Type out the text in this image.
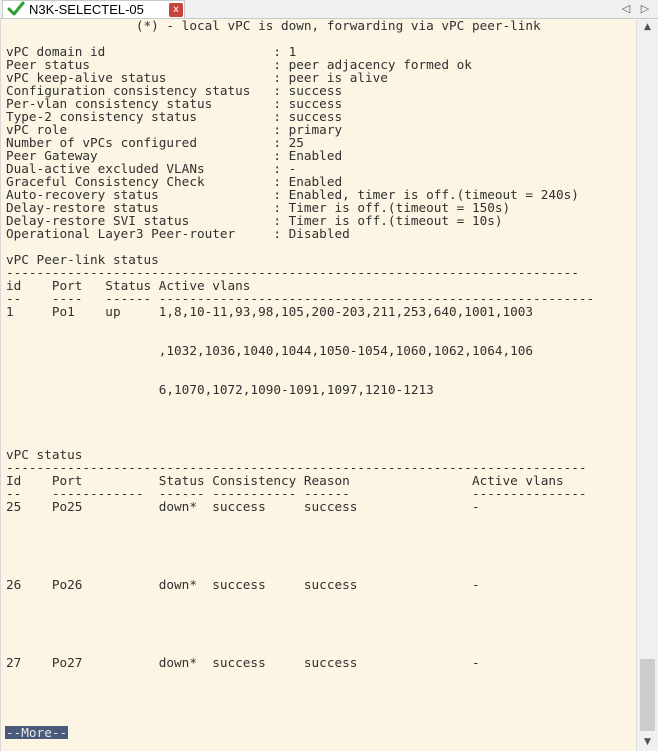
N3K-SELECTEL-05	x	◁ ▷
(*) - local vPC is down, forwarding via vPC peer-link
vPC domain id                      : 1
Peer status                        : peer adjacency formed ok
vPC keep-alive status              : peer is alive
Configuration consistency status   : success
Per-vlan consistency status        : success
Type-2 consistency status          : success
vPC role                           : primary
Number of vPCs configured          : 25
Peer Gateway                       : Enabled
Dual-active excluded VLANs         : -
Graceful Consistency Check         : Enabled
Auto-recovery status               : Enabled, timer is off.(timeout = 240s)
Delay-restore status               : Timer is off.(timeout = 150s)
Delay-restore SVI status           : Timer is off.(timeout = 10s)
Operational Layer3 Peer-router     : Disabled
vPC Peer-link status
---------------------------------------------------------------------------
id    Port   Status Active vlans
--    ----   ------ ---------------------------------------------------------
1     Po1    up     1,8,10-11,93,98,105,200-203,211,253,640,1001,1003
,1032,1036,1040,1044,1050-1054,1060,1062,1064,106
6,1070,1072,1090-1091,1097,1210-1213
vPC status
----------------------------------------------------------------------------
Id    Port          Status Consistency Reason                Active vlans
--    ------------  ------ ----------- ------                ---------------
25    Po25          down*  success     success               -
26    Po26          down*  success     success               -
27    Po27          down*  success     success               -
--More--
▲
▼
